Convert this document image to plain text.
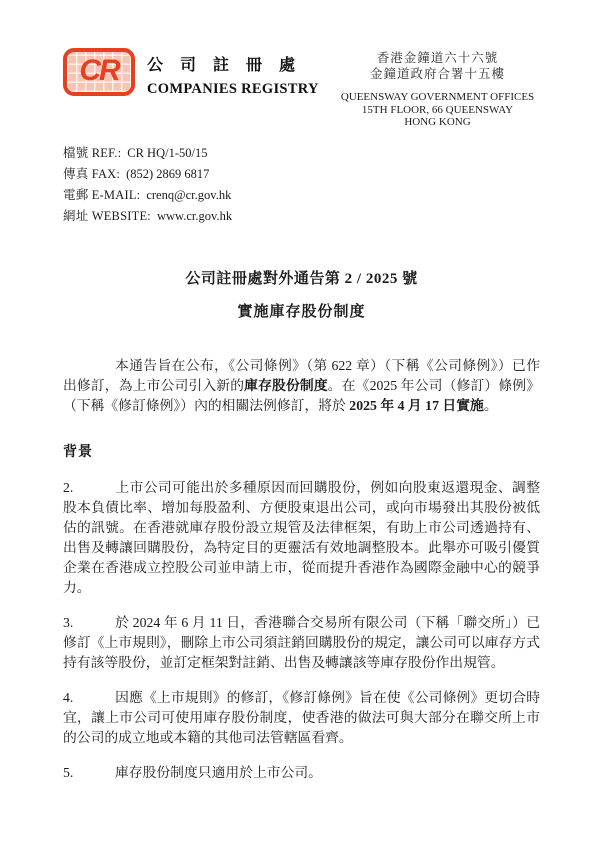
CR 公司註冊處
COMPANIES REGISTRY
香港金鐘道六十六號
金鐘道政府合署十五樓
QUEENSWAY GOVERNMENT OFFICES
15TH FLOOR, 66 QUEENSWAY
HONG KONG
檔號 REF.: CR HQ/1-50/15
傳真 FAX: (852) 2869 6817
電郵 E-MAIL: crenq@cr.gov.hk
網址 WEBSITE: www.cr.gov.hk
公司註冊處對外通告第 2 / 2025 號
實施庫存股份制度

本通告旨在公布，《公司條例》（第 622 章）（下稱《公司條例》）已作出修訂，為上市公司引入新的庫存股份制度。在《2025 年公司（修訂）條例》（下稱《修訂條例》）內的相關法例修訂，將於 2025 年 4 月 17 日實施。

背景

2.	上市公司可能出於多種原因而回購股份，例如向股東返還現金、調整股本負債比率、增加每股盈利、方便股東退出公司，或向市場發出其股份被低估的訊號。在香港就庫存股份設立規管及法律框架，有助上市公司透過持有、出售及轉讓回購股份，為特定目的更靈活有效地調整股本。此舉亦可吸引優質企業在香港成立控股公司並申請上市，從而提升香港作為國際金融中心的競爭力。

3.	於 2024 年 6 月 11 日，香港聯合交易所有限公司（下稱「聯交所」）已修訂《上市規則》，刪除上市公司須註銷回購股份的規定，讓公司可以庫存方式持有該等股份，並訂定框架對註銷、出售及轉讓該等庫存股份作出規管。

4.	因應《上市規則》的修訂，《修訂條例》旨在使《公司條例》更切合時宜，讓上市公司可使用庫存股份制度，使香港的做法可與大部分在聯交所上市的公司的成立地或本籍的其他司法管轄區看齊。

5.	庫存股份制度只適用於上市公司。
